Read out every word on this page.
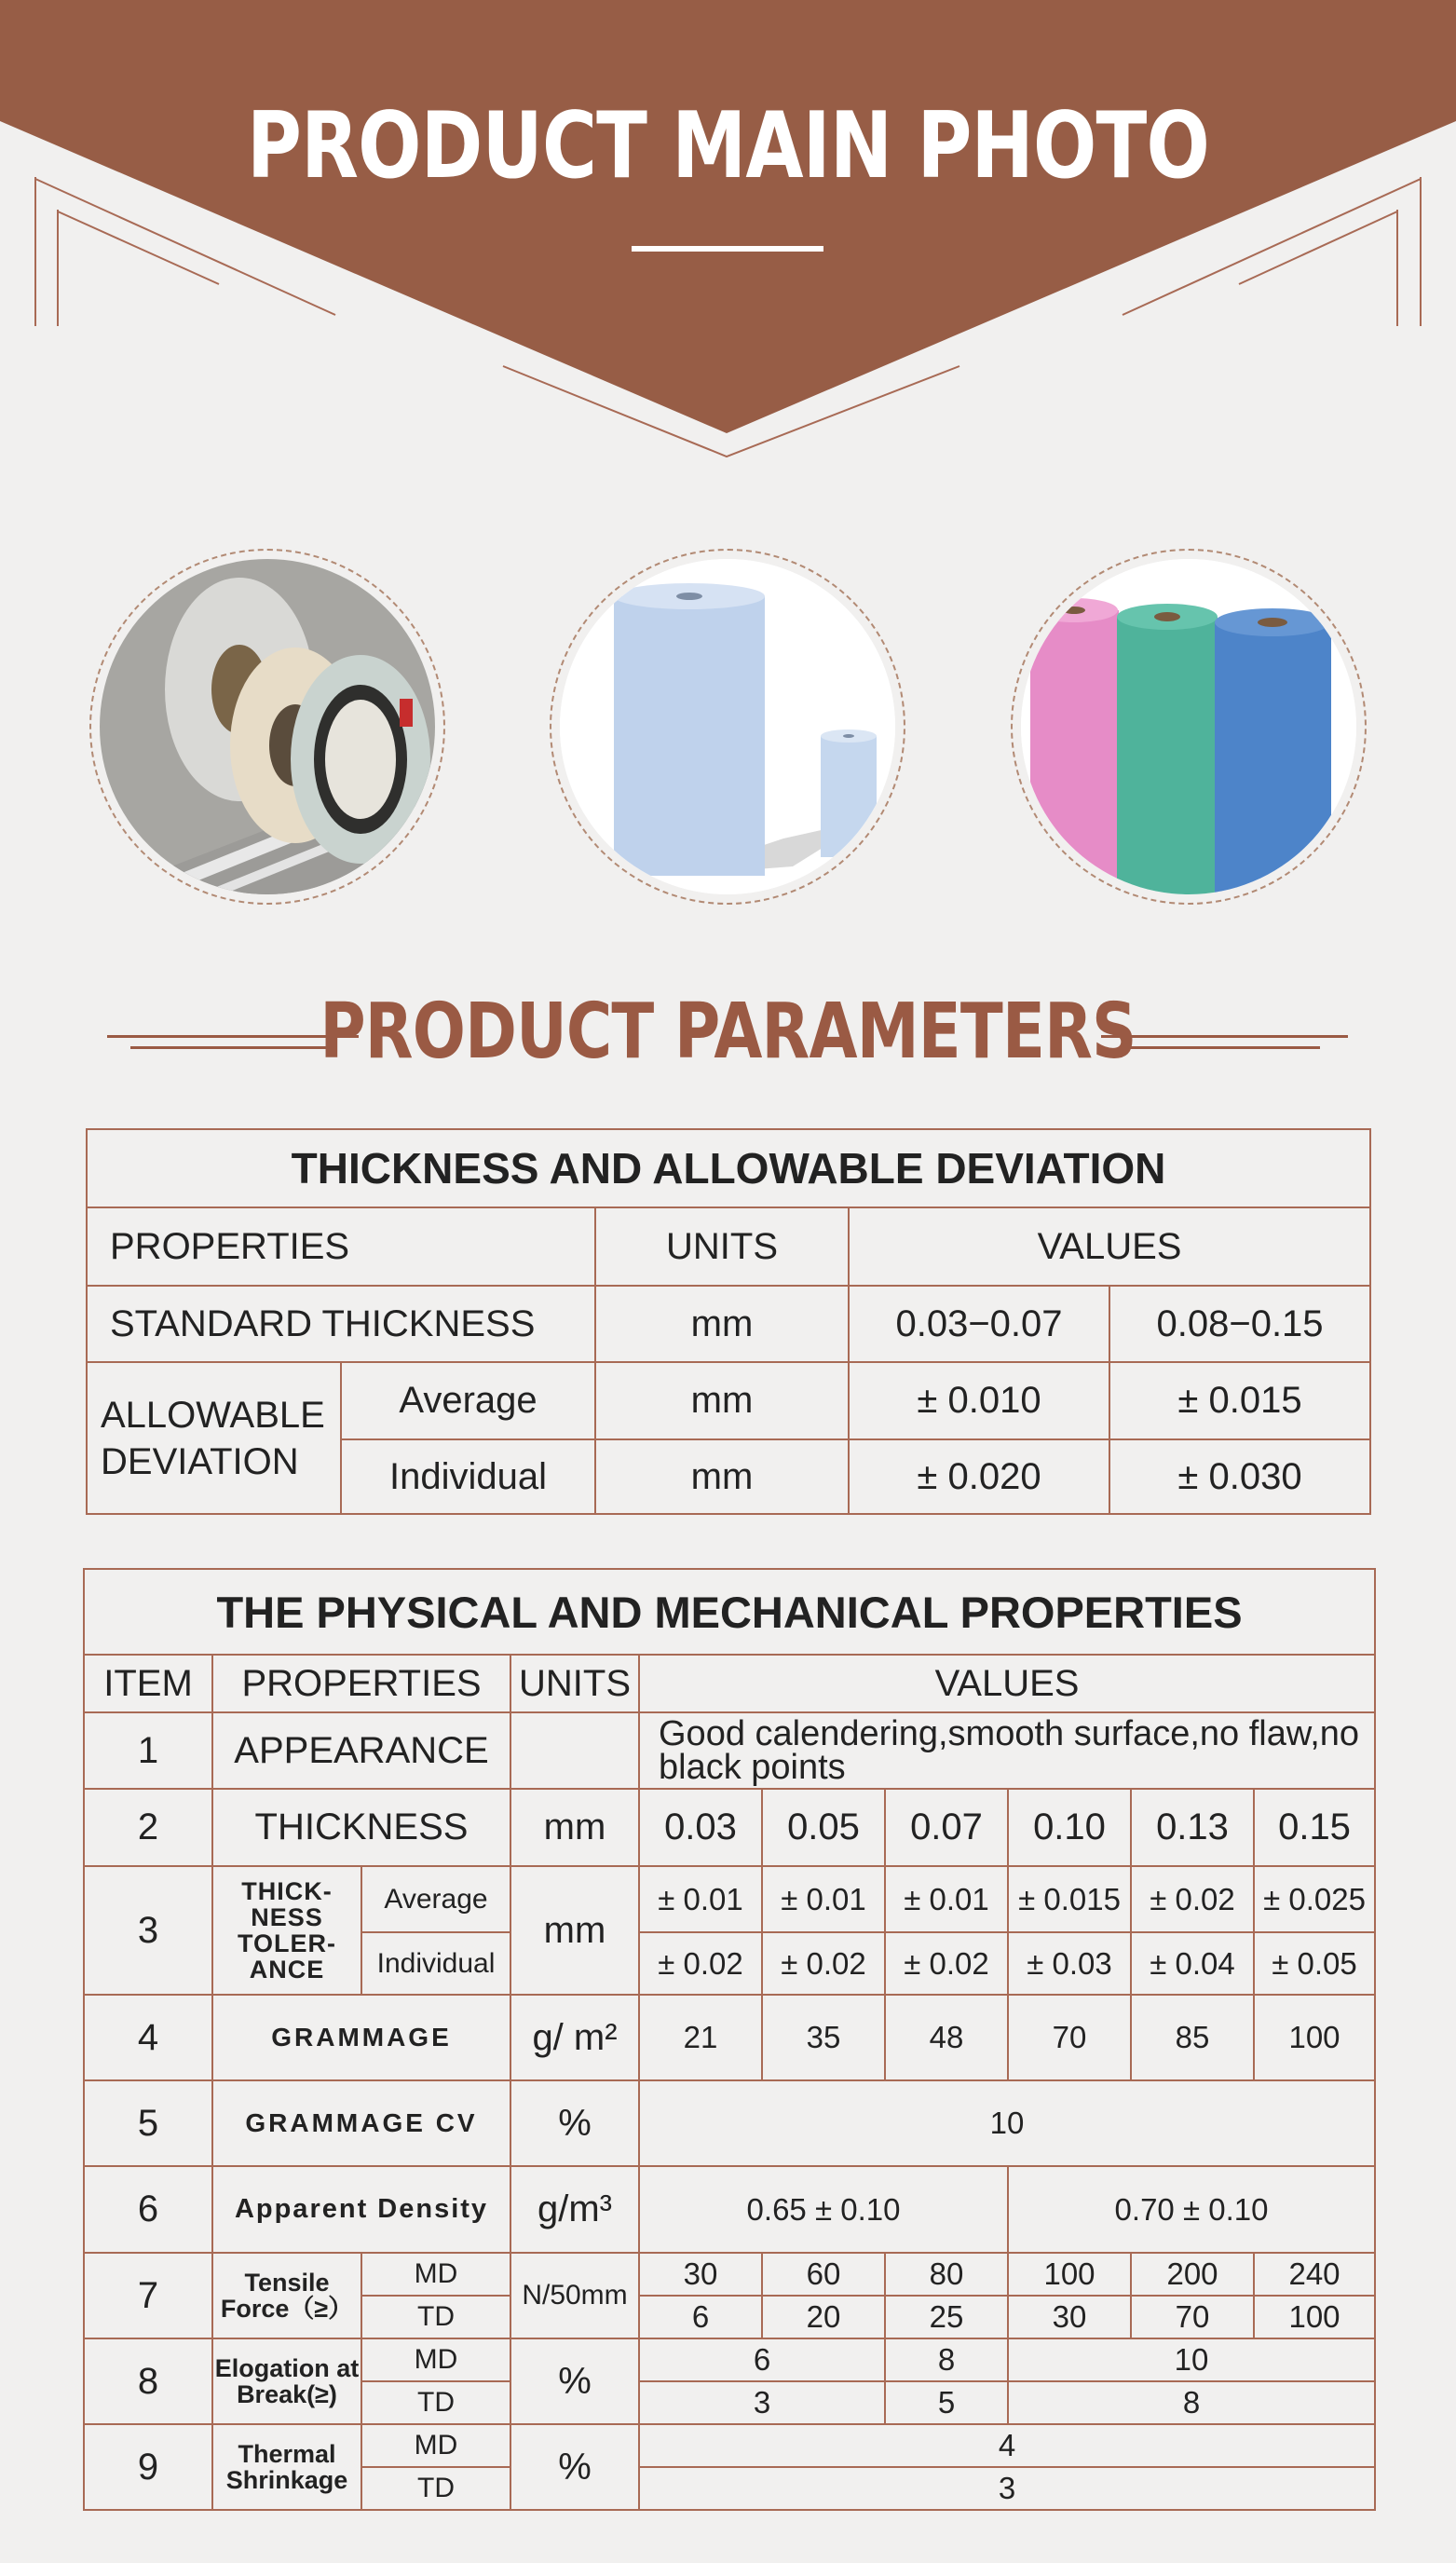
PRODUCT MAIN PHOTO
PRODUCT PARAMETERS
THICKNESS AND ALLOWABLE DEVIATION				
PROPERTIES		UNITS	VALUES	
STANDARD THICKNESS		mm	0.03−0.07	0.08−0.15

ALLOWABLE
DEVIATION	Average	mm	± 0.010	± 0.015
	Individual	mm	± 0.020	± 0.030
THE PHYSICAL AND MECHANICAL PROPERTIES									
ITEM	PROPERTIES		UNITS	VALUES					
1	APPEARANCE			Good calendering,smooth surface,no flaw,no black points					
2	THICKNESS		mm	0.03	0.05	0.07	0.10	0.13	0.15
3	THICK-
NESS
TOLER-
ANCE	Average	mm	± 0.01	± 0.01	± 0.01	± 0.015	± 0.02	± 0.025
		Individual		± 0.02	± 0.02	± 0.02	± 0.03	± 0.04	± 0.05
4	GRAMMAGE		g/ m²	21	35	48	70	85	100
5	GRAMMAGE CV		%	10					
6	Apparent Density		g/m³	0.65 ± 0.10			0.70 ± 0.10		
7	Tensile
Force（≥）	MD	N/50mm	30	60	80	100	200	240
		TD		6	20	25	30	70	100
8	Elogation at
Break(≥)	MD	%	6		8	10		
		TD		3		5	8		
9	Thermal
Shrinkage	MD	%	4					
		TD		3					
